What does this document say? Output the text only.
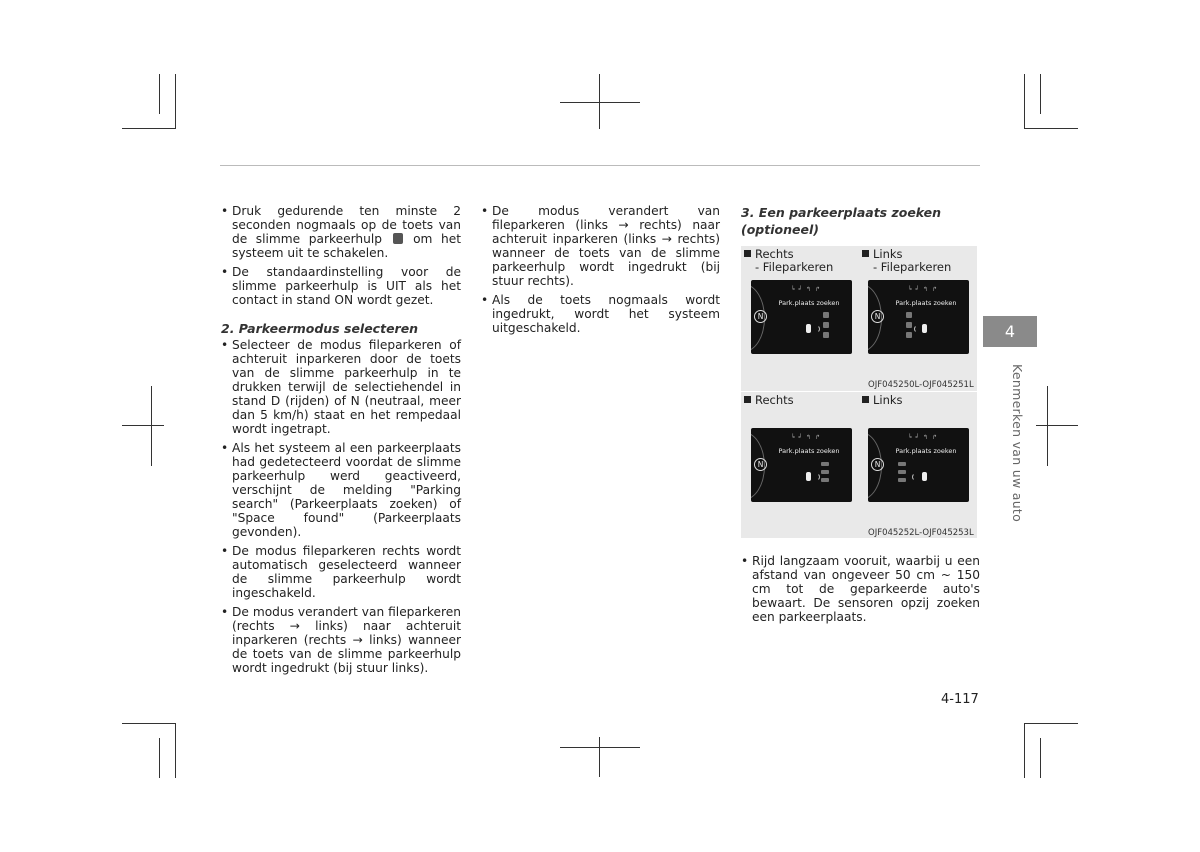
• Druk gedurende ten minste 2 seconden nogmaals op de toets van de slimme parkeerhulp	om het systeem uit te schakelen.
• De standaardinstelling voor de slimme parkeerhulp is UIT als het contact in stand ON wordt gezet.
2. Parkeermodus selecteren
• Selecteer de modus fileparkeren of achteruit inparkeren door de toets van de slimme parkeerhulp in te drukken terwijl de selectiehendel in stand D (rijden) of N (neutraal, meer dan 5 km/h) staat en het rempedaal wordt ingetrapt.
• Als het systeem al een parkeerplaats had gedetecteerd voordat de slimme parkeerhulp werd geactiveerd, verschijnt de melding "Parking search" (Parkeerplaats zoeken) of "Space found" (Parkeerplaats gevonden).
• De modus fileparkeren rechts wordt automatisch geselecteerd wanneer de slimme parkeerhulp wordt ingeschakeld.
• De modus verandert van fileparkeren (rechts → links) naar achteruit inparkeren (rechts → links) wanneer de toets van de slimme parkeerhulp wordt ingedrukt (bij stuur links).
• De modus verandert van fileparkeren (links → rechts) naar achteruit inparkeren (links → rechts) wanneer de toets van de slimme parkeerhulp wordt ingedrukt (bij stuur rechts).
• Als de toets nogmaals wordt ingedrukt, wordt het systeem uitgeschakeld.
3. Een parkeerplaats zoeken
(optioneel)
Rechts
- Fileparkeren
Links
- Fileparkeren
N
┕ ┙ ↰ ↱
Park.plaats zoeken
N
┕ ┙ ↰ ↱
Park.plaats zoeken
OJF045250L-OJF045251L
Rechts	Links
N
┕ ┙ ↰ ↱
Park.plaats zoeken
N
┕ ┙ ↰ ↱
Park.plaats zoeken
OJF045252L-OJF045253L
• Rijd langzaam vooruit, waarbij u een afstand van ongeveer 50 cm ~ 150 cm tot de geparkeerde auto's bewaart. De sensoren opzij zoeken een parkeerplaats.
4
Kenmerken van uw auto
4-117
